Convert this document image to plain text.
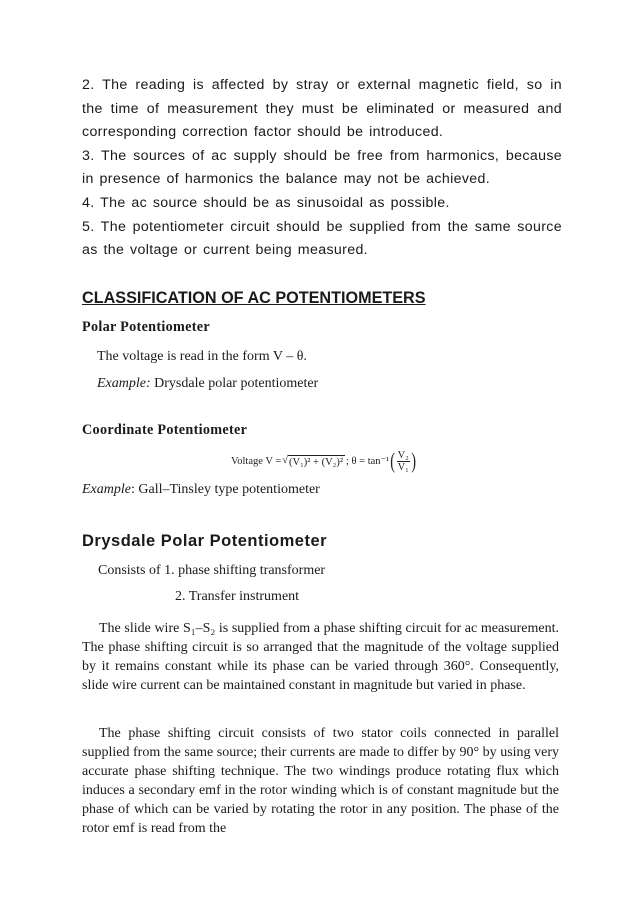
2. The reading is affected by stray or external magnetic field, so in the time of measurement they must be eliminated or measured and corresponding correction factor should be introduced.

3. The sources of ac supply should be free from harmonics, because in presence of harmonics the balance may not be achieved.

4. The ac source should be as sinusoidal as possible.

5. The potentiometer circuit should be supplied from the same source as the voltage or current being measured.

CLASSIFICATION OF AC POTENTIOMETERS

Polar Potentiometer

The voltage is read in the form V – θ.

Example: Drysdale polar potentiometer

Coordinate Potentiometer

Voltage V = √ (V₁)² + (V₂)² ; θ = tan⁻¹ ( $\frac{\text{V₂}}{\text{V₁}}$ )

Example: Gall–Tinsley type potentiometer

Drysdale Polar Potentiometer

Consists of 1. phase shifting transformer

2. Transfer instrument

The slide wire S₁–S₂ is supplied from a phase shifting circuit for ac measurement. The phase shifting circuit is so arranged that the magnitude of the voltage supplied by it remains constant while its phase can be varied through 360°. Consequently, slide wire current can be maintained constant in magnitude but varied in phase.

The phase shifting circuit consists of two stator coils connected in parallel supplied from the same source; their currents are made to differ by 90° by using very accurate phase shifting technique. The two windings produce rotating flux which induces a secondary emf in the rotor winding which is of constant magnitude but the phase of which can be varied by rotating the rotor in any position. The phase of the rotor emf is read from the
